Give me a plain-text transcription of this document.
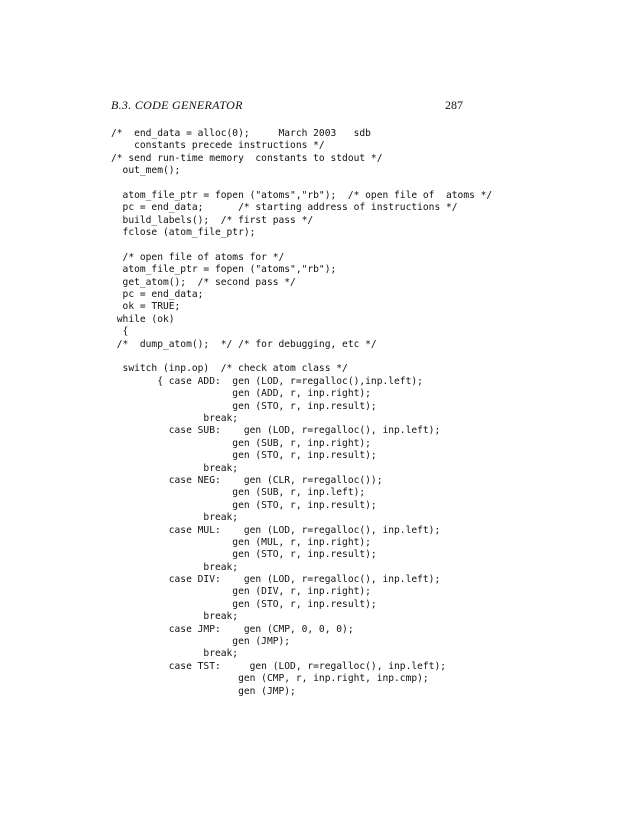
B.3. CODE GENERATOR	287
/*  end_data = alloc(0);     March 2003   sdb
constants precede instructions */
/* send run-time memory  constants to stdout */
out_mem();
atom_file_ptr = fopen ("atoms","rb");  /* open file of  atoms */
pc = end_data;      /* starting address of instructions */
build_labels();  /* first pass */
fclose (atom_file_ptr);
/* open file of atoms for */
atom_file_ptr = fopen ("atoms","rb");
get_atom();  /* second pass */
pc = end_data;
ok = TRUE;
while (ok)
{
/*  dump_atom();  */ /* for debugging, etc */
switch (inp.op)  /* check atom class */
{ case ADD:  gen (LOD, r=regalloc(),inp.left);
gen (ADD, r, inp.right);
gen (STO, r, inp.result);
break;
case SUB:    gen (LOD, r=regalloc(), inp.left);
gen (SUB, r, inp.right);
gen (STO, r, inp.result);
break;
case NEG:    gen (CLR, r=regalloc());
gen (SUB, r, inp.left);
gen (STO, r, inp.result);
break;
case MUL:    gen (LOD, r=regalloc(), inp.left);
gen (MUL, r, inp.right);
gen (STO, r, inp.result);
break;
case DIV:    gen (LOD, r=regalloc(), inp.left);
gen (DIV, r, inp.right);
gen (STO, r, inp.result);
break;
case JMP:    gen (CMP, 0, 0, 0);
gen (JMP);
break;
case TST:     gen (LOD, r=regalloc(), inp.left);
gen (CMP, r, inp.right, inp.cmp);
gen (JMP);
